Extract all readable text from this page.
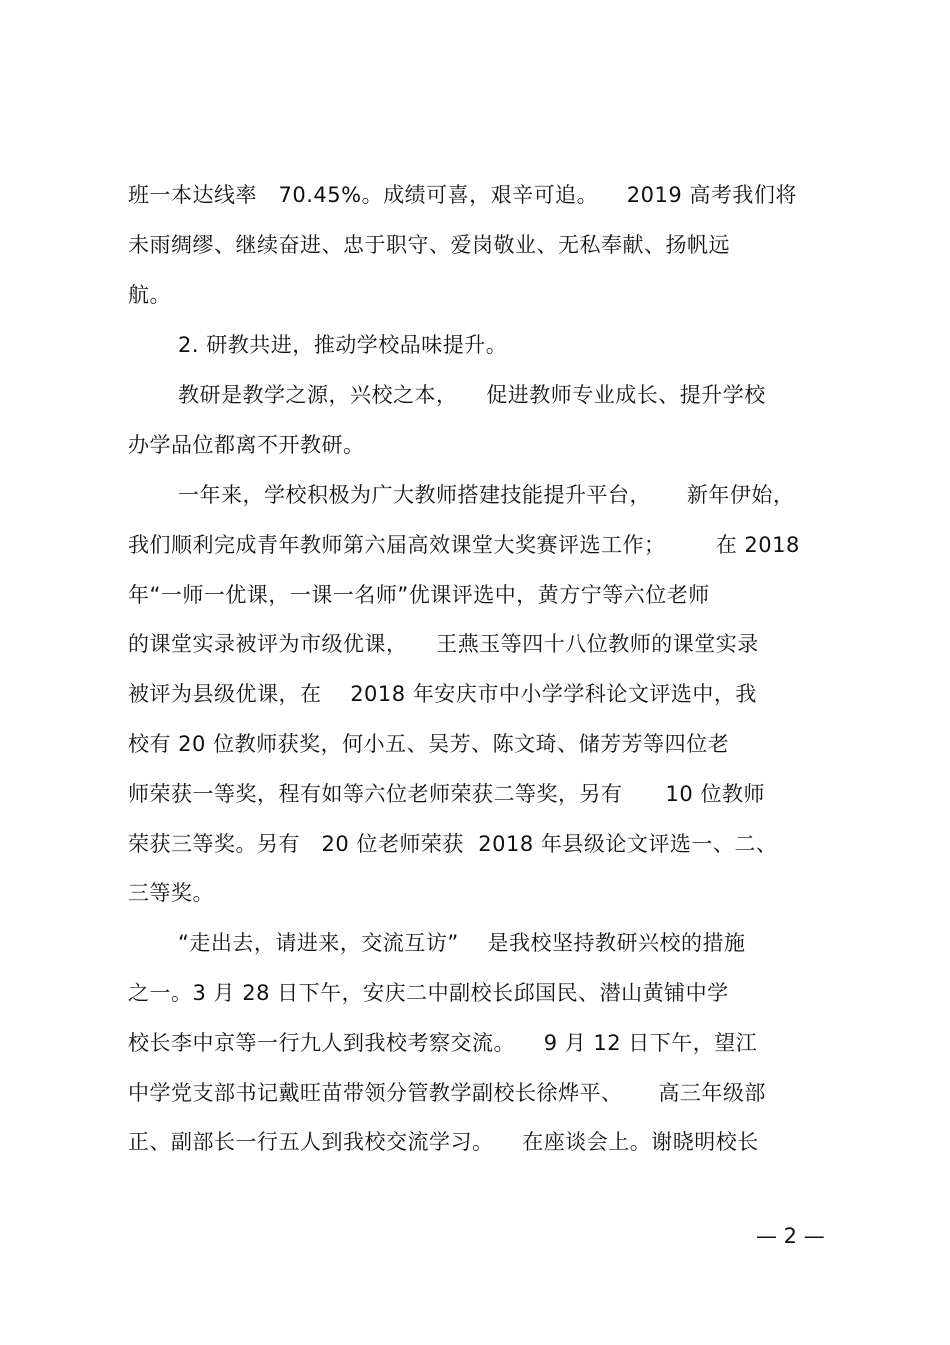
班一本达线率   70.45%。成绩可喜，艰辛可追。    2019 高考我们将
未雨绸缪、继续奋进、忠于职守、爱岗敬业、无私奉献、扬帆远
航。
2. 研教共进，推动学校品味提升。
教研是教学之源，兴校之本，    促进教师专业成长、提升学校
办学品位都离不开教研。
一年来，学校积极为广大教师搭建技能提升平台，     新年伊始，
我们顺利完成青年教师第六届高效课堂大奖赛评选工作；       在 2018
年“一师一优课，一课一名师”优课评选中，黄方宁等六位老师
的课堂实录被评为市级优课，    王燕玉等四十八位教师的课堂实录
被评为县级优课，在    2018 年安庆市中小学学科论文评选中，我
校有 20 位教师获奖，何小五、吴芳、陈文琦、储芳芳等四位老
师荣获一等奖，程有如等六位老师荣获二等奖，另有      10 位教师
荣获三等奖。另有   20 位老师荣获  2018 年县级论文评选一、二、
三等奖。
“走出去，请进来，交流互访”    是我校坚持教研兴校的措施
之一。3 月 28 日下午，安庆二中副校长邱国民、潜山黄铺中学
校长李中京等一行九人到我校考察交流。    9 月 12 日下午，望江
中学党支部书记戴旺苗带领分管教学副校长徐烨平、     高三年级部
正、副部长一行五人到我校交流学习。    在座谈会上。谢晓明校长
— 2 —
